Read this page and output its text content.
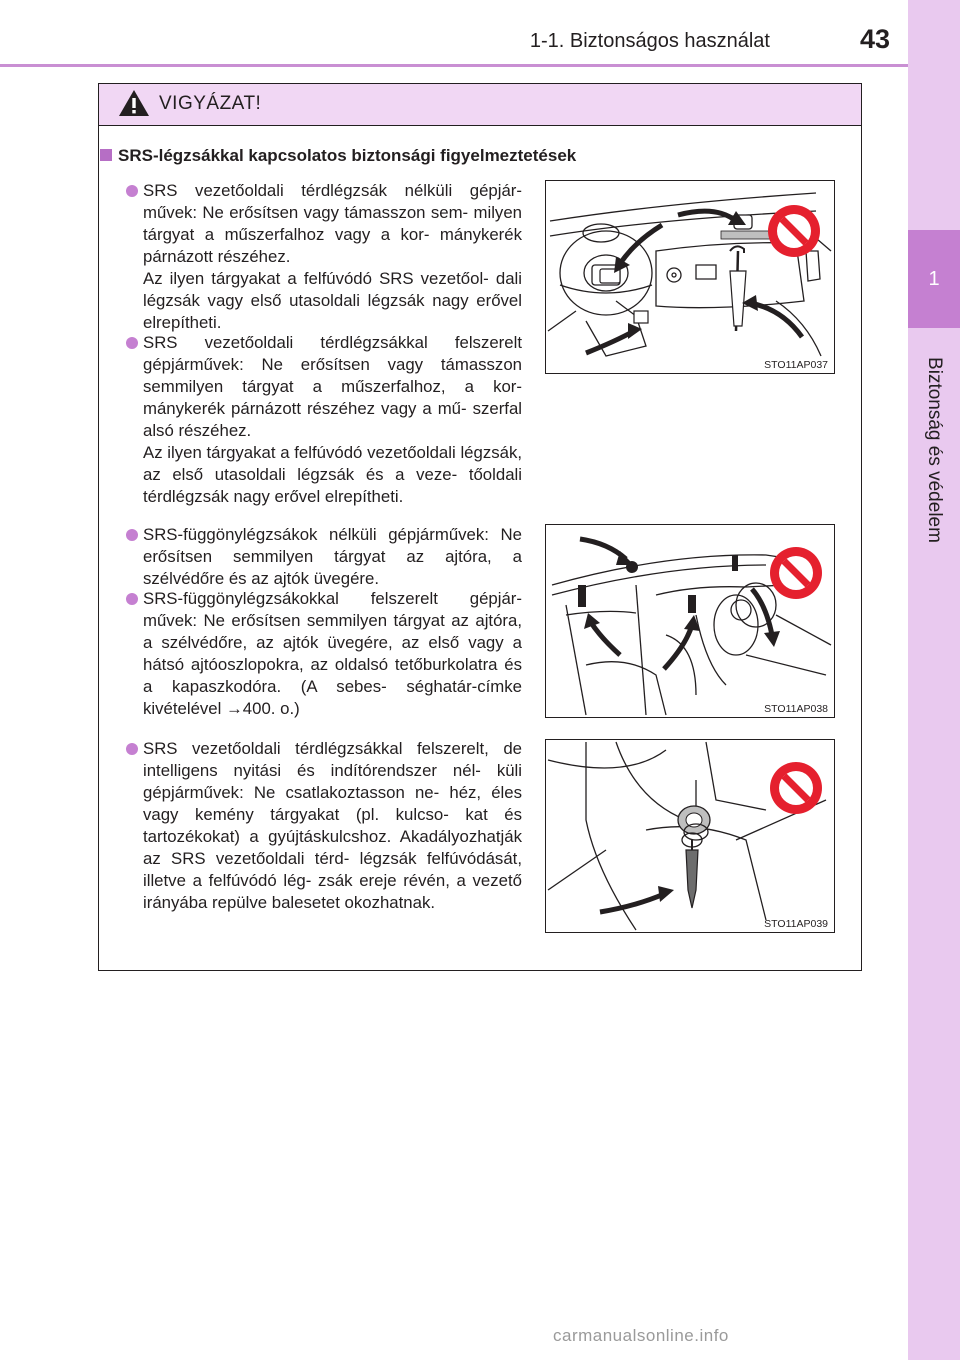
1-1. Biztonságos használat	43
1
Biztonság és védelem
VIGYÁZAT!
SRS-légzsákkal kapcsolatos biztonsági figyelmeztetések

SRS vezetőoldali térdlégzsák nélküli gépjár- művek: Ne erősítsen vagy támasszon sem- milyen tárgyat a műszerfalhoz vagy a kor- mánykerék párnázott részéhez.
Az ilyen tárgyakat a felfúvódó SRS vezetőol- dali légzsák vagy első utasoldali légzsák nagy erővel elrepítheti.

SRS vezetőoldali térdlégzsákkal felszerelt gépjárművek: Ne erősítsen vagy támasszon semmilyen tárgyat a műszerfalhoz, a kor- mánykerék párnázott részéhez vagy a mű- szerfal alsó részéhez.
Az ilyen tárgyakat a felfúvódó vezetőoldali légzsák, az első utasoldali légzsák és a veze- tőoldali térdlégzsák nagy erővel elrepítheti.

SRS-függönylégzsákok nélküli gépjárművek: Ne erősítsen semmilyen tárgyat az ajtóra, a szélvédőre és az ajtók üvegére.

SRS-függönylégzsákokkal felszerelt gépjár- művek: Ne erősítsen semmilyen tárgyat az ajtóra, a szélvédőre, az ajtók üvegére, az első vagy a hátsó ajtóoszlopokra, az oldalsó tetőburkolatra és a kapaszkodóra. (A sebes- séghatár-címke kivételével →400. o.)

SRS vezetőoldali térdlégzsákkal felszerelt, de intelligens nyitási és indítórendszer nél- küli gépjárművek: Ne csatlakoztasson ne- héz, éles vagy kemény tárgyakat (pl. kulcso- kat és tartozékokat) a gyújtáskulcshoz. Akadályozhatják az SRS vezetőoldali térd- légzsák felfúvódását, illetve a felfúvódó lég- zsák ereje révén, a vezető irányába repülve balesetet okozhatnak.

STO11AP037
STO11AP038
STO11AP039
carmanualsonline.info
